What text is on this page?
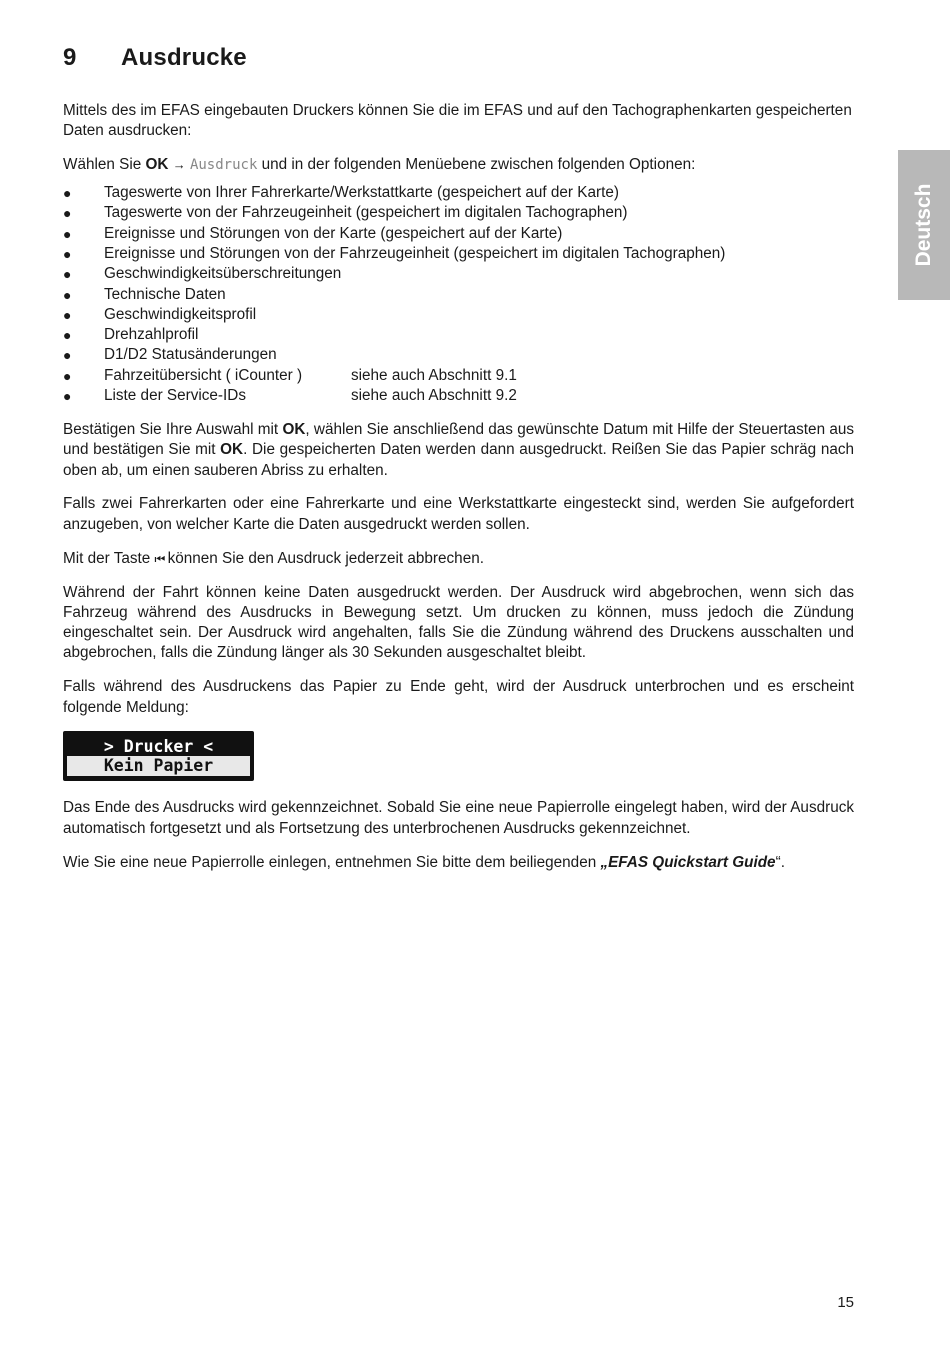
9 Ausdrucke
Deutsch

Mittels des im EFAS eingebauten Druckers können Sie die im EFAS und auf den Tachographenkarten gespeicherten Daten ausdrucken:

Wählen Sie OK → Ausdruck und in der folgenden Menüebene zwischen folgenden Optionen:

● Tageswerte von Ihrer Fahrerkarte/Werkstattkarte (gespeichert auf der Karte)
● Tageswerte von der Fahrzeugeinheit (gespeichert im digitalen Tachographen)
● Ereignisse und Störungen von der Karte (gespeichert auf der Karte)
● Ereignisse und Störungen von der Fahrzeugeinheit (gespeichert im digitalen Tachographen)
● Geschwindigkeitsüberschreitungen
● Technische Daten
● Geschwindigkeitsprofil
● Drehzahlprofil
● D1/D2 Statusänderungen
● Fahrzeitübersicht ( iCounter )	siehe auch Abschnitt 9.1
● Liste der Service-IDs	siehe auch Abschnitt 9.2

Bestätigen Sie Ihre Auswahl mit OK, wählen Sie anschließend das gewünschte Datum mit Hilfe der Steuertasten aus und bestätigen Sie mit OK. Die gespeicherten Daten werden dann ausgedruckt. Reißen Sie das Papier schräg nach oben ab, um einen sauberen Abriss zu erhalten.

Falls zwei Fahrerkarten oder eine Fahrerkarte und eine Werkstattkarte eingesteckt sind, werden Sie aufgefordert anzugeben, von welcher Karte die Daten ausgedruckt werden sollen.

Mit der Taste ⏮ können Sie den Ausdruck jederzeit abbrechen.

Während der Fahrt können keine Daten ausgedruckt werden. Der Ausdruck wird abgebrochen, wenn sich das Fahrzeug während des Ausdrucks in Bewegung setzt. Um drucken zu können, muss jedoch die Zündung eingeschaltet sein. Der Ausdruck wird angehalten, falls Sie die Zündung während des Druckens ausschalten und abgebrochen, falls die Zündung länger als 30 Sekunden ausgeschaltet bleibt.

Falls während des Ausdruckens das Papier zu Ende geht, wird der Ausdruck unterbrochen und es erscheint folgende Meldung:

> Drucker <
Kein Papier

Das Ende des Ausdrucks wird gekennzeichnet. Sobald Sie eine neue Papierrolle eingelegt haben, wird der Ausdruck automatisch fortgesetzt und als Fortsetzung des unterbrochenen Ausdrucks gekennzeichnet.

Wie Sie eine neue Papierrolle einlegen, entnehmen Sie bitte dem beiliegenden „EFAS Quickstart Guide“.

15
